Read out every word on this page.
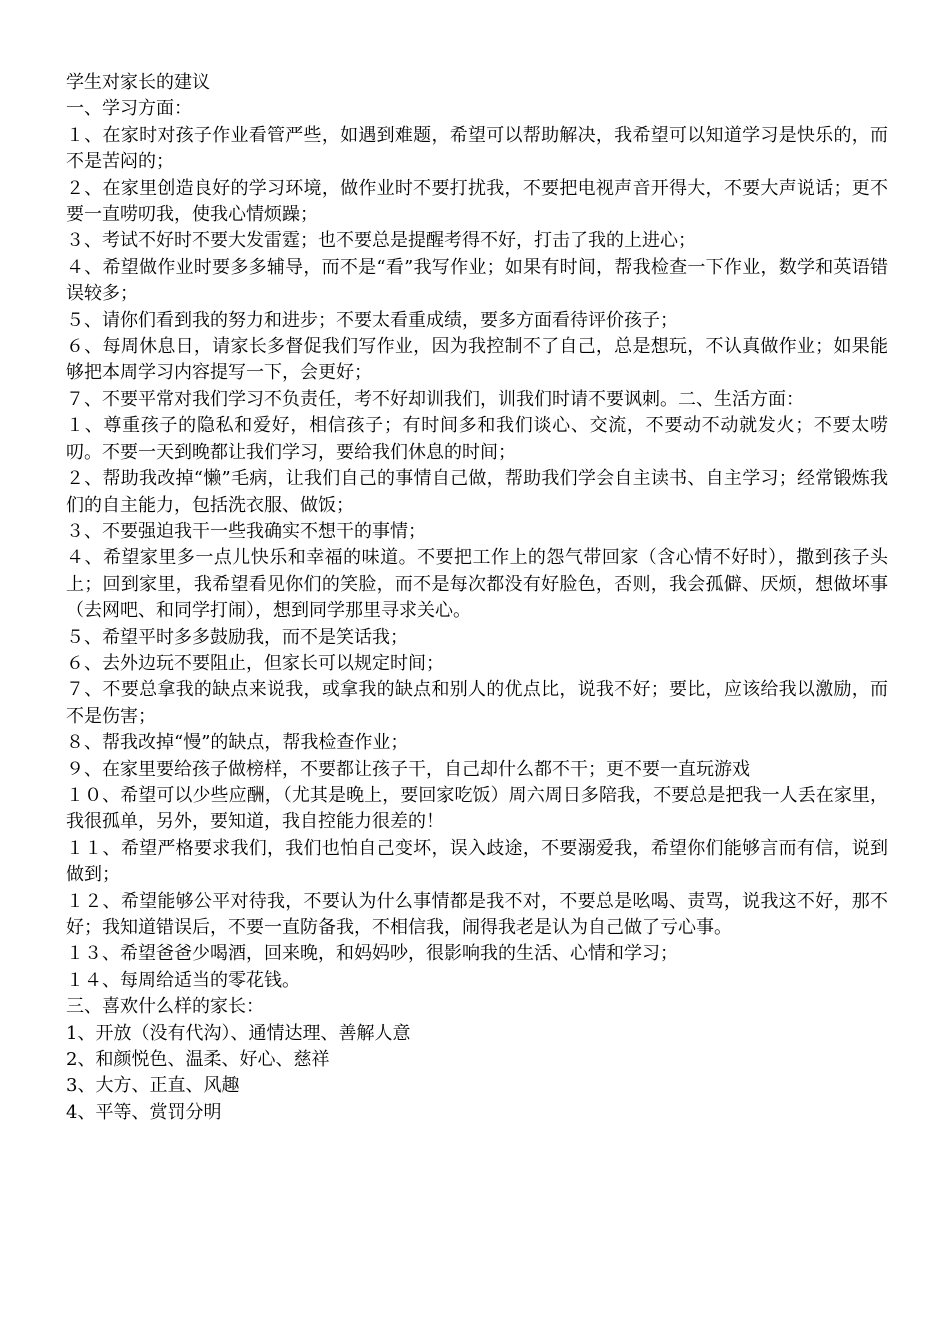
学生对家长的建议

一、学习方面：

１、在家时对孩子作业看管严些，如遇到难题，希望可以帮助解决，我希望可以知道学习是快乐的，而不是苦闷的；

２、在家里创造良好的学习环境，做作业时不要打扰我，不要把电视声音开得大，不要大声说话；更不要一直唠叨我，使我心情烦躁；

３、考试不好时不要大发雷霆；也不要总是提醒考得不好，打击了我的上进心；

４、希望做作业时要多多辅导，而不是“看”我写作业；如果有时间，帮我检查一下作业，数学和英语错误较多；

５、请你们看到我的努力和进步；不要太看重成绩，要多方面看待评价孩子；

６、每周休息日，请家长多督促我们写作业，因为我控制不了自己，总是想玩，不认真做作业；如果能够把本周学习内容提写一下，会更好；

７、不要平常对我们学习不负责任，考不好却训我们，训我们时请不要讽刺。二、生活方面：

１、尊重孩子的隐私和爱好，相信孩子；有时间多和我们谈心、交流，不要动不动就发火；不要太唠叨。不要一天到晚都让我们学习，要给我们休息的时间；

２、帮助我改掉“懒”毛病，让我们自己的事情自己做，帮助我们学会自主读书、自主学习；经常锻炼我们的自主能力，包括洗衣服、做饭；

３、不要强迫我干一些我确实不想干的事情；

４、希望家里多一点儿快乐和幸福的味道。不要把工作上的怨气带回家（含心情不好时），撒到孩子头上；回到家里，我希望看见你们的笑脸，而不是每次都没有好脸色，否则，我会孤僻、厌烦，想做坏事（去网吧、和同学打闹），想到同学那里寻求关心。

５、希望平时多多鼓励我，而不是笑话我；

６、去外边玩不要阻止，但家长可以规定时间；

７、不要总拿我的缺点来说我，或拿我的缺点和别人的优点比，说我不好；要比，应该给我以激励，而不是伤害；

８、帮我改掉“慢”的缺点，帮我检查作业；

９、在家里要给孩子做榜样，不要都让孩子干，自己却什么都不干；更不要一直玩游戏

１０、希望可以少些应酬，（尤其是晚上，要回家吃饭）周六周日多陪我，不要总是把我一人丢在家里，我很孤单，另外，要知道，我自控能力很差的！

１１、希望严格要求我们，我们也怕自己变坏，误入歧途，不要溺爱我，希望你们能够言而有信，说到做到；

１２、希望能够公平对待我，不要认为什么事情都是我不对，不要总是吆喝、责骂，说我这不好，那不好；我知道错误后，不要一直防备我，不相信我，闹得我老是认为自己做了亏心事。

１３、希望爸爸少喝酒，回来晚，和妈妈吵，很影响我的生活、心情和学习；

１４、每周给适当的零花钱。

三、喜欢什么样的家长：

1、开放（没有代沟）、通情达理、善解人意

2、和颜悦色、温柔、好心、慈祥

3、大方、正直、风趣

4、平等、赏罚分明
